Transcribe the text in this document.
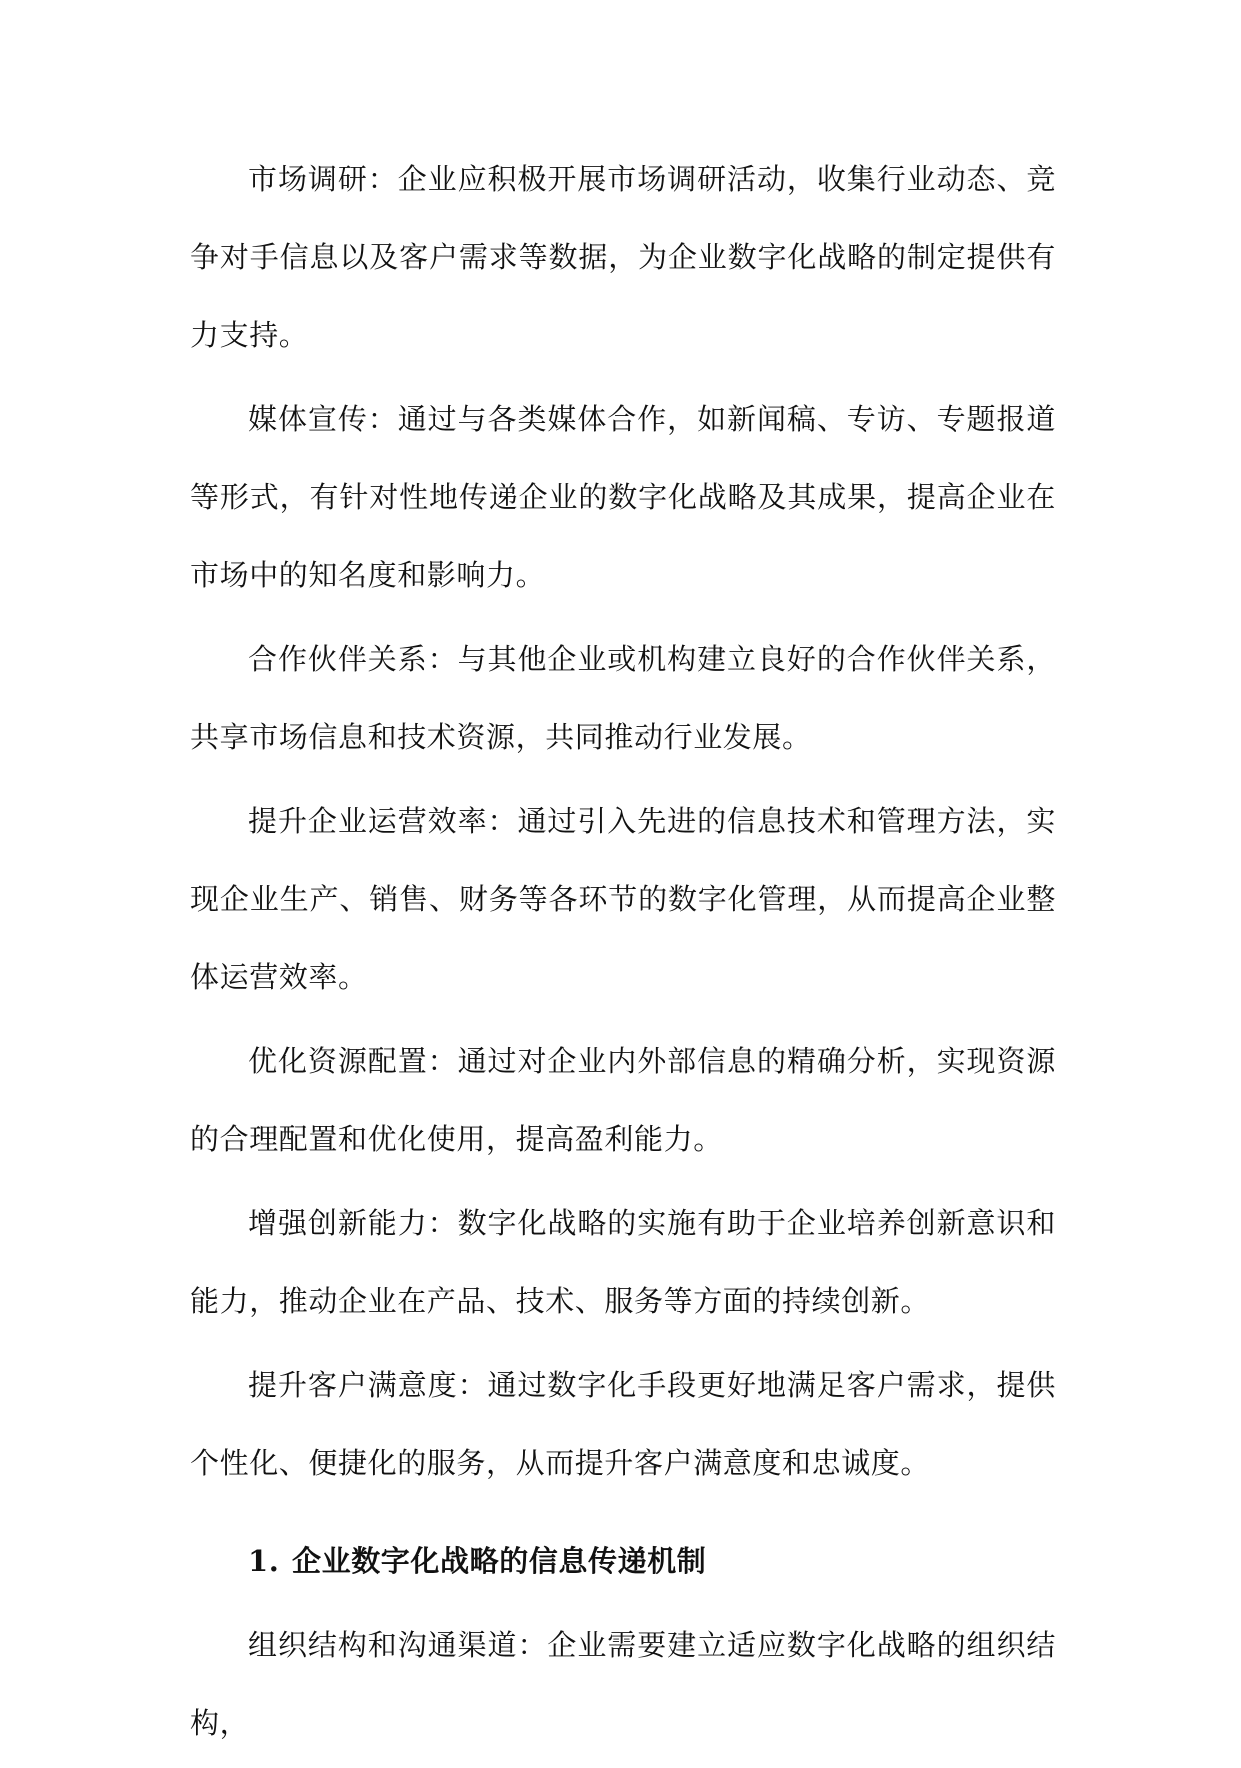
市场调研：企业应积极开展市场调研活动，收集行业动态、竞争对手信息以及客户需求等数据，为企业数字化战略的制定提供有力支持。

媒体宣传：通过与各类媒体合作，如新闻稿、专访、专题报道等形式，有针对性地传递企业的数字化战略及其成果，提高企业在市场中的知名度和影响力。

合作伙伴关系：与其他企业或机构建立良好的合作伙伴关系，共享市场信息和技术资源，共同推动行业发展。

提升企业运营效率：通过引入先进的信息技术和管理方法，实现企业生产、销售、财务等各环节的数字化管理，从而提高企业整体运营效率。

优化资源配置：通过对企业内外部信息的精确分析，实现资源的合理配置和优化使用，提高盈利能力。

增强创新能力：数字化战略的实施有助于企业培养创新意识和能力，推动企业在产品、技术、服务等方面的持续创新。

提升客户满意度：通过数字化手段更好地满足客户需求，提供个性化、便捷化的服务，从而提升客户满意度和忠诚度。

1. 企业数字化战略的信息传递机制

组织结构和沟通渠道：企业需要建立适应数字化战略的组织结构，
